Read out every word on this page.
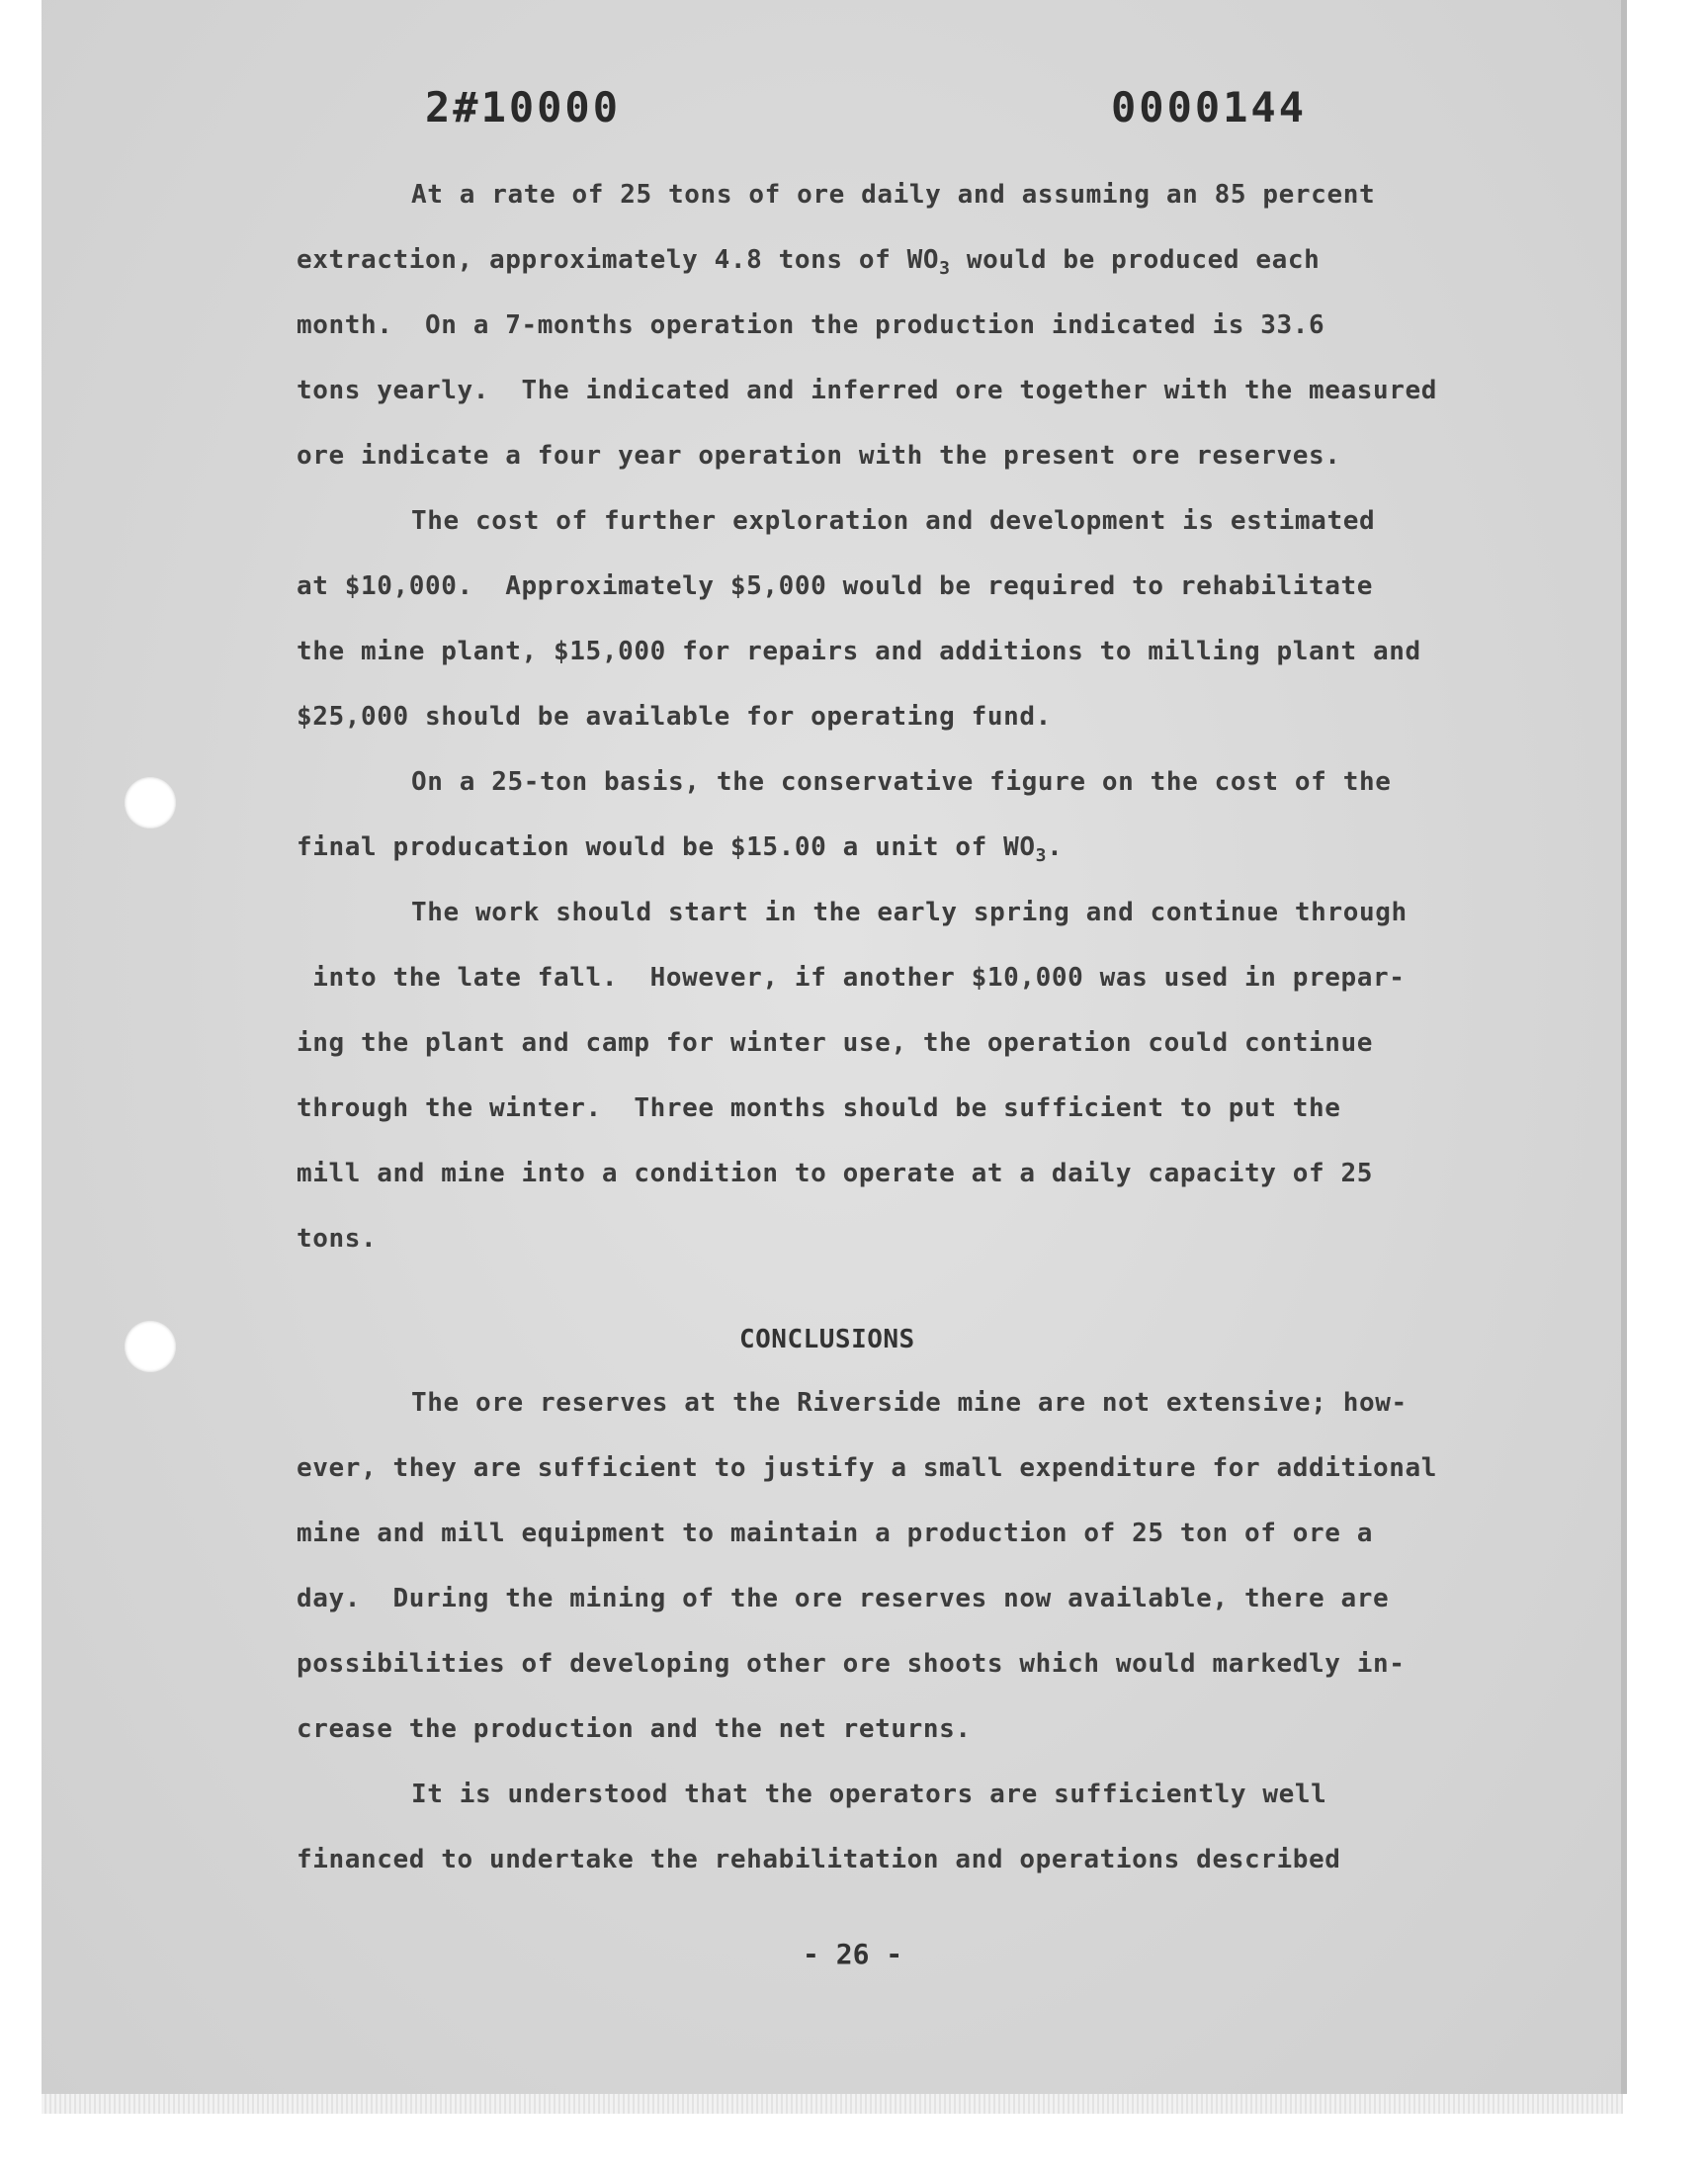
2#10000	0000144
At a rate of 25 tons of ore daily and assuming an 85 percent
extraction, approximately 4.8 tons of $WO_3$ would be produced each
month.  On a 7-months operation the production indicated is 33.6
tons yearly.  The indicated and inferred ore together with the measured
ore indicate a four year operation with the present ore reserves.
The cost of further exploration and development is estimated
at $10,000.  Approximately $5,000 would be required to rehabilitate
the mine plant, $15,000 for repairs and additions to milling plant and
$25,000 should be available for operating fund.
On a 25-ton basis, the conservative figure on the cost of the
final producation would be $15.00 a unit of $WO_3$.
The work should start in the early spring and continue through
into the late fall.  However, if another $10,000 was used in prepar-
ing the plant and camp for winter use, the operation could continue
through the winter.  Three months should be sufficient to put the
mill and mine into a condition to operate at a daily capacity of 25
tons.
CONCLUSIONS
The ore reserves at the Riverside mine are not extensive; how-
ever, they are sufficient to justify a small expenditure for additional
mine and mill equipment to maintain a production of 25 ton of ore a
day.  During the mining of the ore reserves now available, there are
possibilities of developing other ore shoots which would markedly in-
crease the production and the net returns.
It is understood that the operators are sufficiently well
financed to undertake the rehabilitation and operations described
- 26 -
